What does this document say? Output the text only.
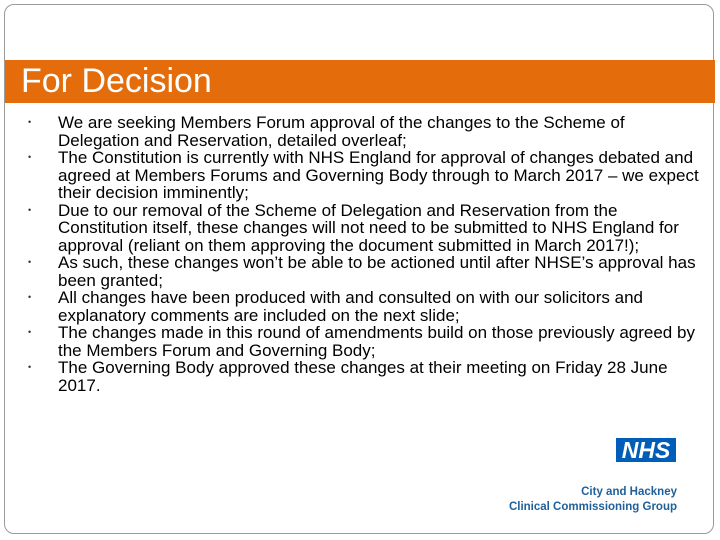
For Decision
• We are seeking Members Forum approval of the changes to the Scheme of Delegation and Reservation, detailed overleaf;
• The Constitution is currently with NHS England for approval of changes debated and agreed at Members Forums and Governing Body through to March 2017 – we expect their decision imminently;
• Due to our removal of the Scheme of Delegation and Reservation from the Constitution itself, these changes will not need to be submitted to NHS England for approval (reliant on them approving the document submitted in March 2017!);
• As such, these changes won’t be able to be actioned until after NHSE’s approval has been granted;
• All changes have been produced with and consulted on with our solicitors and explanatory comments are included on the next slide;
• The changes made in this round of amendments build on those previously agreed by the Members Forum and Governing Body;
• The Governing Body approved these changes at their meeting on Friday 28 June 2017.
NHS
City and Hackney
Clinical Commissioning Group
